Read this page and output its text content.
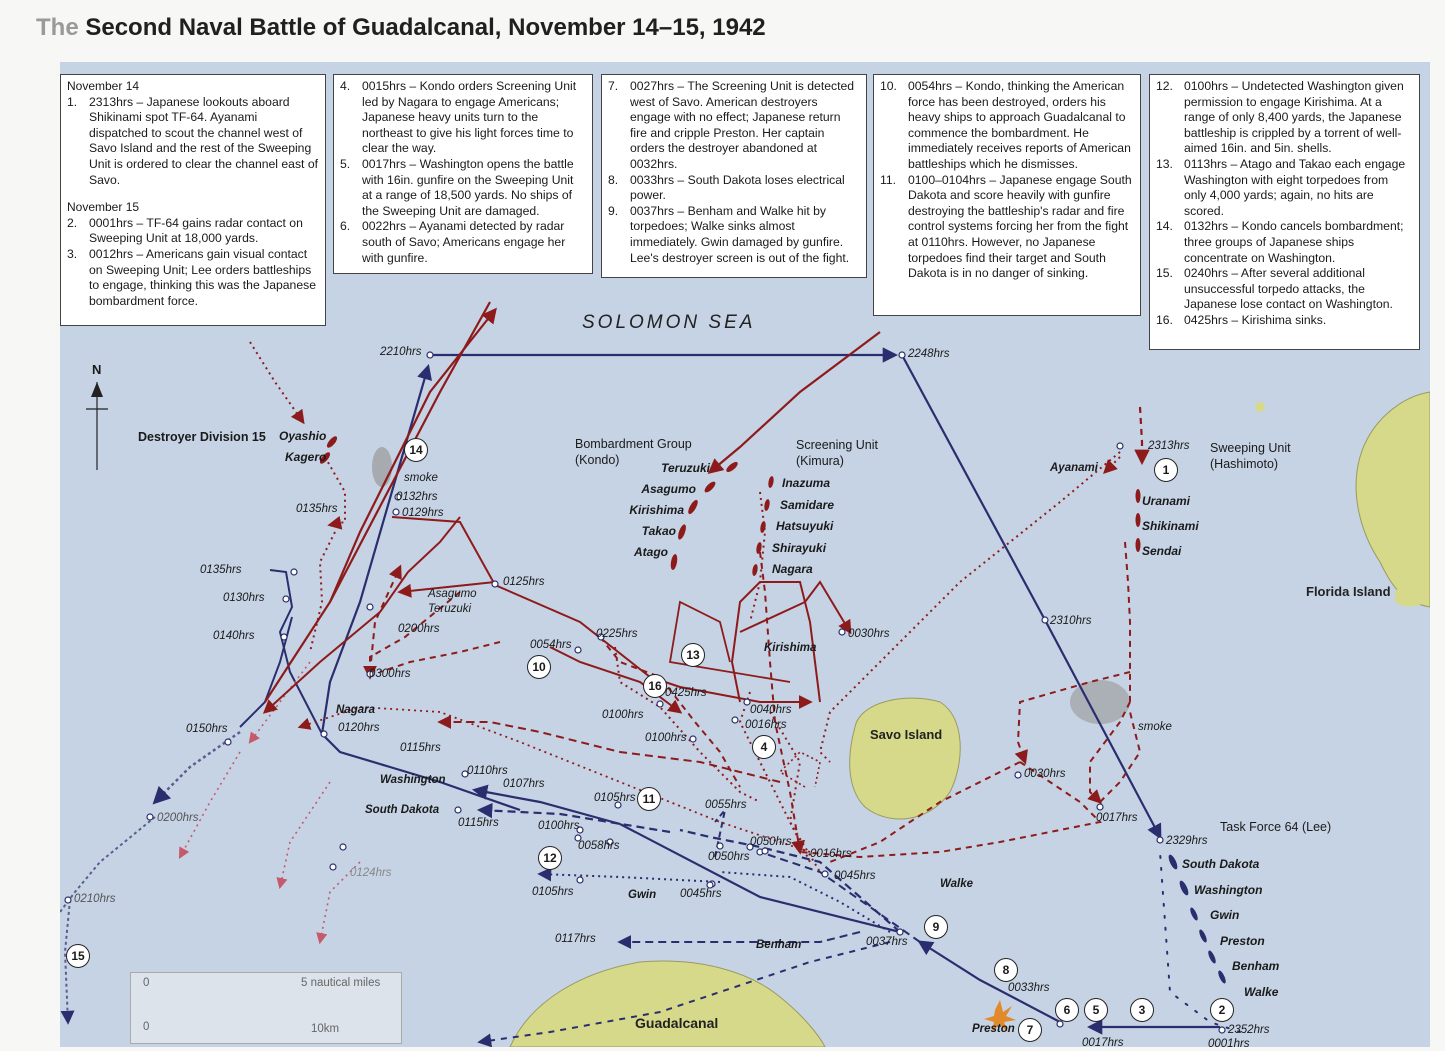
The Second Naval Battle of Guadalcanal, November 14–15, 1942
November 14
1. 2313hrs – Japanese lookouts aboard Shikinami spot TF-64. Ayanami dispatched to scout the channel west of Savo Island and the rest of the Sweeping Unit is ordered to clear the channel east of Savo.
November 15
2. 0001hrs – TF-64 gains radar contact on Sweeping Unit at 18,000 yards.
3. 0012hrs – Americans gain visual contact on Sweeping Unit; Lee orders battleships to engage, thinking this was the Japanese bombardment force.
4. 0015hrs – Kondo orders Screening Unit led by Nagara to engage Americans; Japanese heavy units turn to the northeast to give his light forces time to clear the way.
5. 0017hrs – Washington opens the battle with 16in. gunfire on the Sweeping Unit at a range of 18,500 yards. No ships of the Sweeping Unit are damaged.
6. 0022hrs – Ayanami detected by radar south of Savo; Americans engage her with gunfire.
7. 0027hrs – The Screening Unit is detected west of Savo. American destroyers engage with no effect; Japanese return fire and cripple Preston. Her captain orders the destroyer abandoned at 0032hrs.
8. 0033hrs – South Dakota loses electrical power.
9. 0037hrs – Benham and Walke hit by torpedoes; Walke sinks almost immediately. Gwin damaged by gunfire. Lee's destroyer screen is out of the fight.
10. 0054hrs – Kondo, thinking the American force has been destroyed, orders his heavy ships to approach Guadalcanal to commence the bombardment. He immediately receives reports of American battleships which he dismisses.
11. 0100–0104hrs – Japanese engage South Dakota and score heavily with gunfire destroying the battleship's radar and fire control systems forcing her from the fight at 0110hrs. However, no Japanese torpedoes find their target and South Dakota is in no danger of sinking.
12. 0100hrs – Undetected Washington given permission to engage Kirishima. At a range of only 8,400 yards, the Japanese battleship is crippled by a torrent of well-aimed 16in. and 5in. shells.
13. 0113hrs – Atago and Takao each engage Washington with eight torpedoes from only 4,000 yards; again, no hits are scored.
14. 0132hrs – Kondo cancels bombardment; three groups of Japanese ships concentrate on Washington.
15. 0240hrs – After several additional unsuccessful torpedo attacks, the Japanese lose contact on Washington.
16. 0425hrs – Kirishima sinks.
SOLOMON SEA
N
Savo Island
Florida Island
Guadalcanal
Destroyer Division 15	Bombardment Group
(Kondo)
Screening Unit
(Kimura)
Sweeping Unit
(Hashimoto)
Task Force 64 (Lee)
Oyashio
Kagero
Teruzuki
Asagumo
Kirishima
Takao
Atago
Inazuma
Samidare
Hatsuyuki
Shirayuki
Nagara
Uranami
Shikinami
Sendai
South Dakota
Washington
Gwin
Preston
Benham
Walke
Ayanami
Asagumo
Teruzuki
Nagara
Kirishima
Washington
South Dakota
Gwin
Benham
Walke
Preston
smoke
smoke
2210hrs	2248hrs
2313hrs
2310hrs
2329hrs
2352hrs
0001hrs
0017hrs
0017hrs
0030hrs
0030hrs
0033hrs
0037hrs
0040hrs
0016hrs
0016hrs
0045hrs
0045hrs
0050hrs
0050hrs
0054hrs
0055hrs
0058hrs
0100hrs
0100hrs
0100hrs
0105hrs
0105hrs
0107hrs
0110hrs
0115hrs
0115hrs
0117hrs
0120hrs
0124hrs
0125hrs
0129hrs
0130hrs
0132hrs
0135hrs
0135hrs
0140hrs
0150hrs
0200hrs
0200hrs
0210hrs
0225hrs
0300hrs
0425hrs
1
2
3
4
5
6
7
8
9
10
11
12
13
14
15
16
0	5 nautical miles
0	10km
